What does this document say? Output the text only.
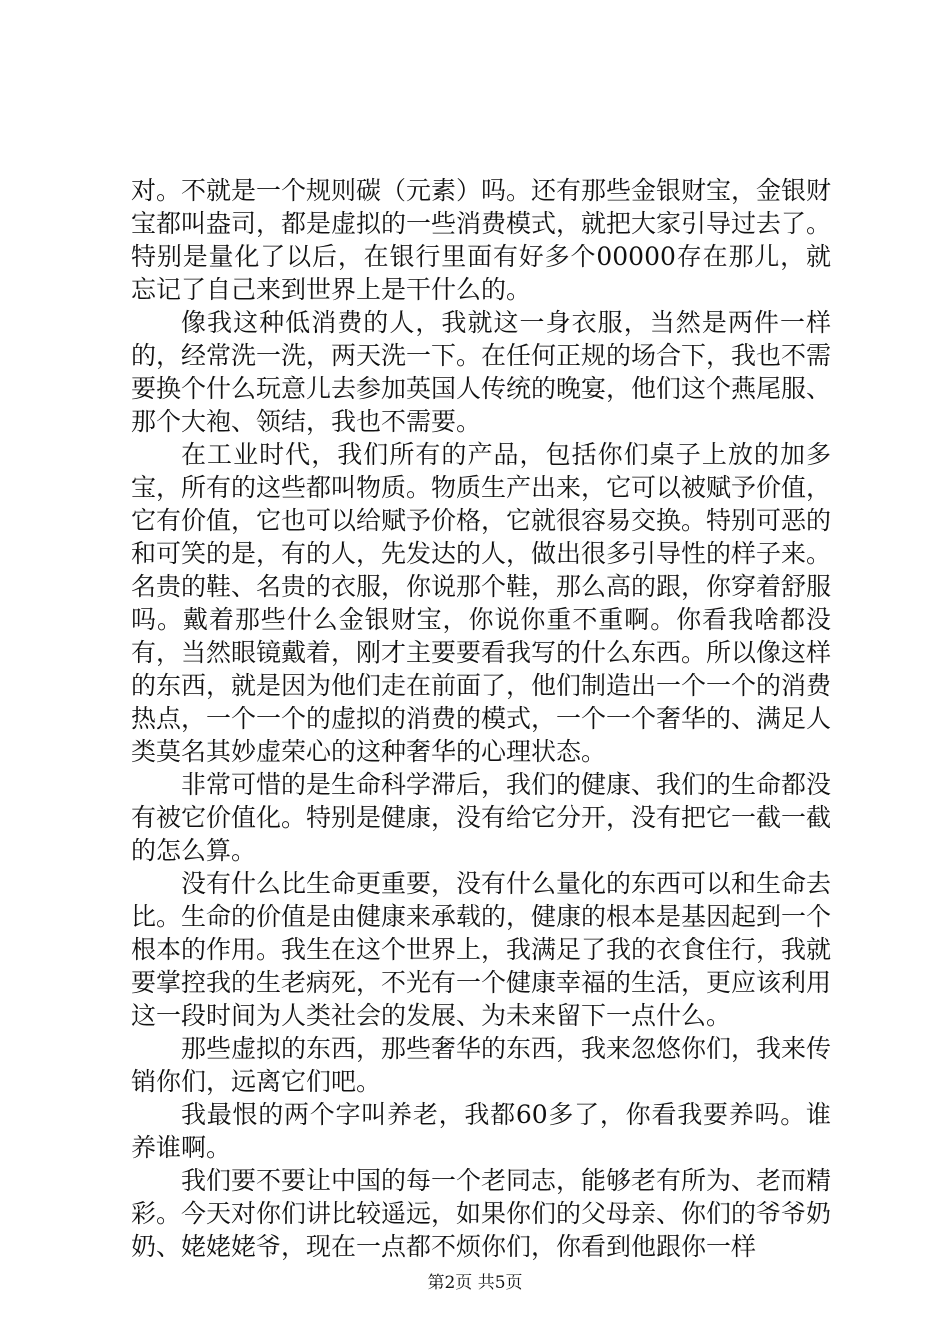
对。不就是一个规则碳（元素）吗。还有那些金银财宝，金银财宝都叫盎司，都是虚拟的一些消费模式，就把大家引导过去了。特别是量化了以后，在银行里面有好多个00000存在那儿，就忘记了自己来到世界上是干什么的。

像我这种低消费的人，我就这一身衣服，当然是两件一样的，经常洗一洗，两天洗一下。在任何正规的场合下，我也不需要换个什么玩意儿去参加英国人传统的晚宴，他们这个燕尾服、那个大袍、领结，我也不需要。

在工业时代，我们所有的产品，包括你们桌子上放的加多宝，所有的这些都叫物质。物质生产出来，它可以被赋予价值，它有价值，它也可以给赋予价格，它就很容易交换。特别可恶的和可笑的是，有的人，先发达的人，做出很多引导性的样子来。名贵的鞋、名贵的衣服，你说那个鞋，那么高的跟，你穿着舒服吗。戴着那些什么金银财宝，你说你重不重啊。你看我啥都没有，当然眼镜戴着，刚才主要要看我写的什么东西。所以像这样的东西，就是因为他们走在前面了，他们制造出一个一个的消费热点，一个一个的虚拟的消费的模式，一个一个奢华的、满足人类莫名其妙虚荣心的这种奢华的心理状态。

非常可惜的是生命科学滞后，我们的健康、我们的生命都没有被它价值化。特别是健康，没有给它分开，没有把它一截一截的怎么算。

没有什么比生命更重要，没有什么量化的东西可以和生命去比。生命的价值是由健康来承载的，健康的根本是基因起到一个根本的作用。我生在这个世界上，我满足了我的衣食住行，我就要掌控我的生老病死，不光有一个健康幸福的生活，更应该利用这一段时间为人类社会的发展、为未来留下一点什么。

那些虚拟的东西，那些奢华的东西，我来忽悠你们，我来传销你们，远离它们吧。

我最恨的两个字叫养老，我都60多了，你看我要养吗。谁养谁啊。

我们要不要让中国的每一个老同志，能够老有所为、老而精彩。今天对你们讲比较遥远，如果你们的父母亲、你们的爷爷奶奶、姥姥姥爷，现在一点都不烦你们，你看到他跟你一样

第2页 共5页
